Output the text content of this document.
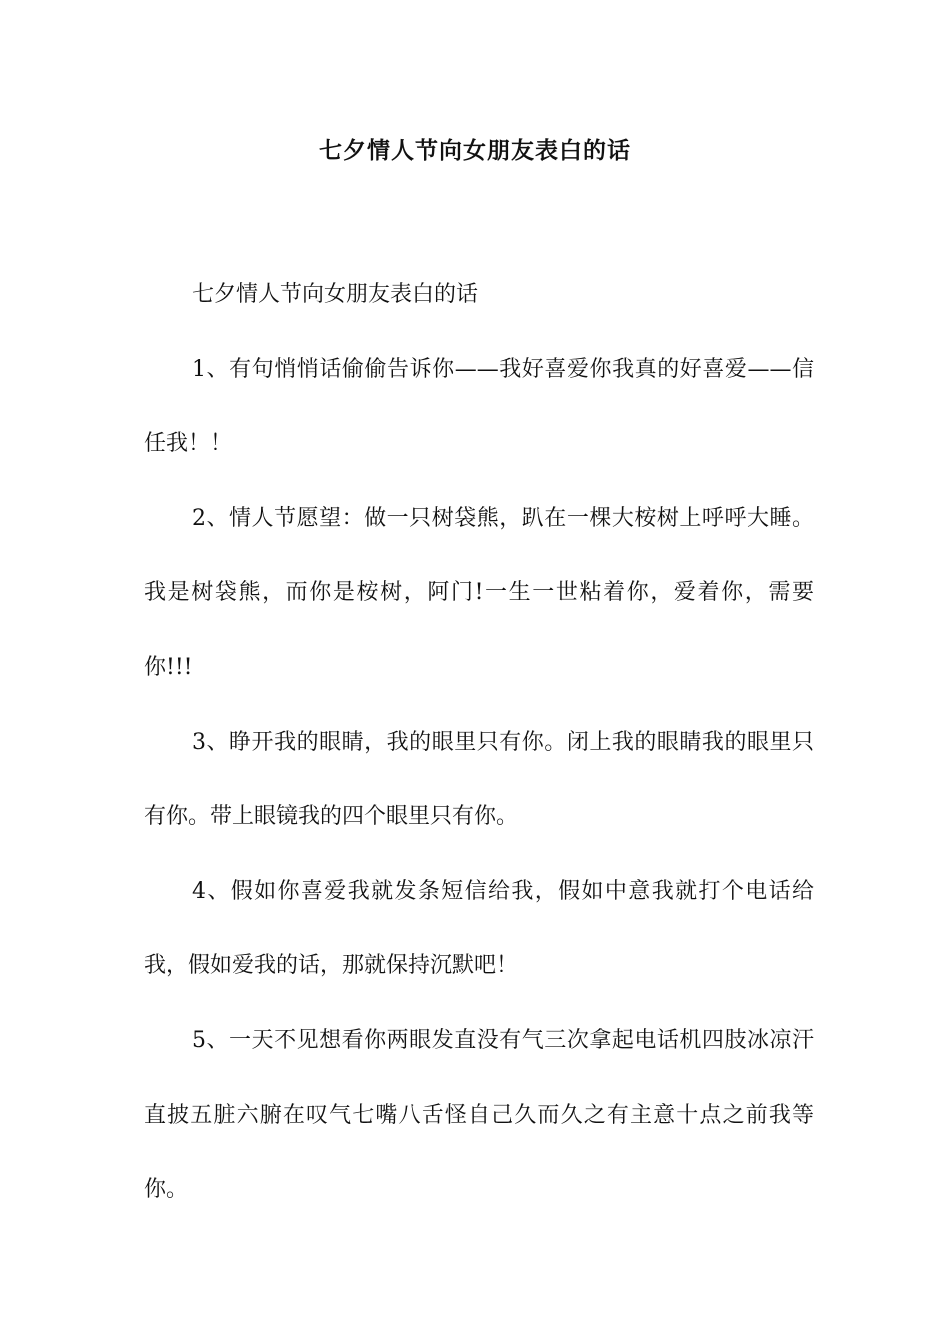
七夕情人节向女朋友表白的话

七夕情人节向女朋友表白的话

1、有句悄悄话偷偷告诉你——我好喜爱你我真的好喜爱——信任我！！

2、情人节愿望：做一只树袋熊，趴在一棵大桉树上呼呼大睡。我是树袋熊，而你是桉树，阿门!一生一世粘着你，爱着你，需要你!!!

3、睁开我的眼睛，我的眼里只有你。闭上我的眼睛我的眼里只有你。带上眼镜我的四个眼里只有你。

4、假如你喜爱我就发条短信给我，假如中意我就打个电话给我，假如爱我的话，那就保持沉默吧！

5、一天不见想看你两眼发直没有气三次拿起电话机四肢冰凉汗直披五脏六腑在叹气七嘴八舌怪自己久而久之有主意十点之前我等你。
